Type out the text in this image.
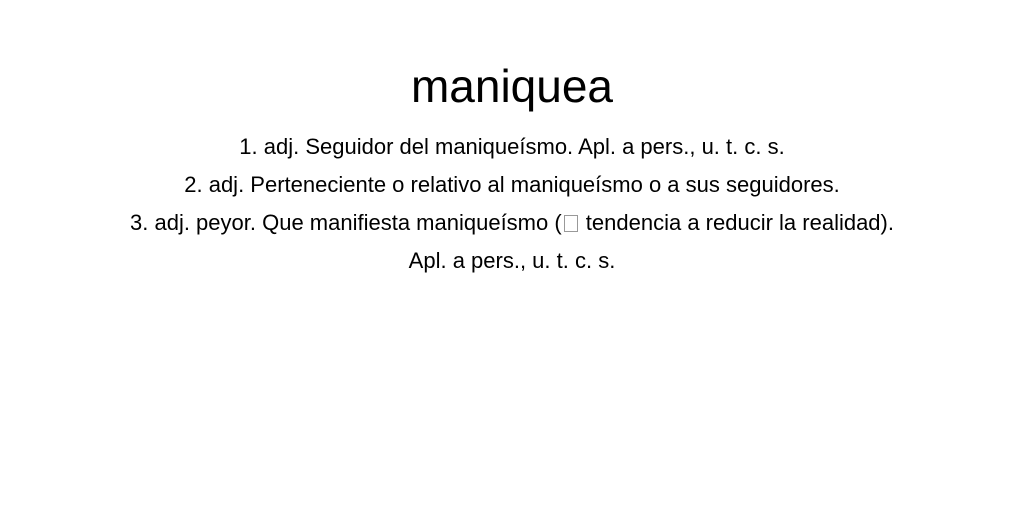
maniquea
1. adj. Seguidor del maniqueísmo. Apl. a pers., u. t. c. s.
2. adj. Perteneciente o relativo al maniqueísmo o a sus seguidores.
3. adj. peyor. Que manifiesta maniqueísmo ( tendencia a reducir la realidad).
Apl. a pers., u. t. c. s.
